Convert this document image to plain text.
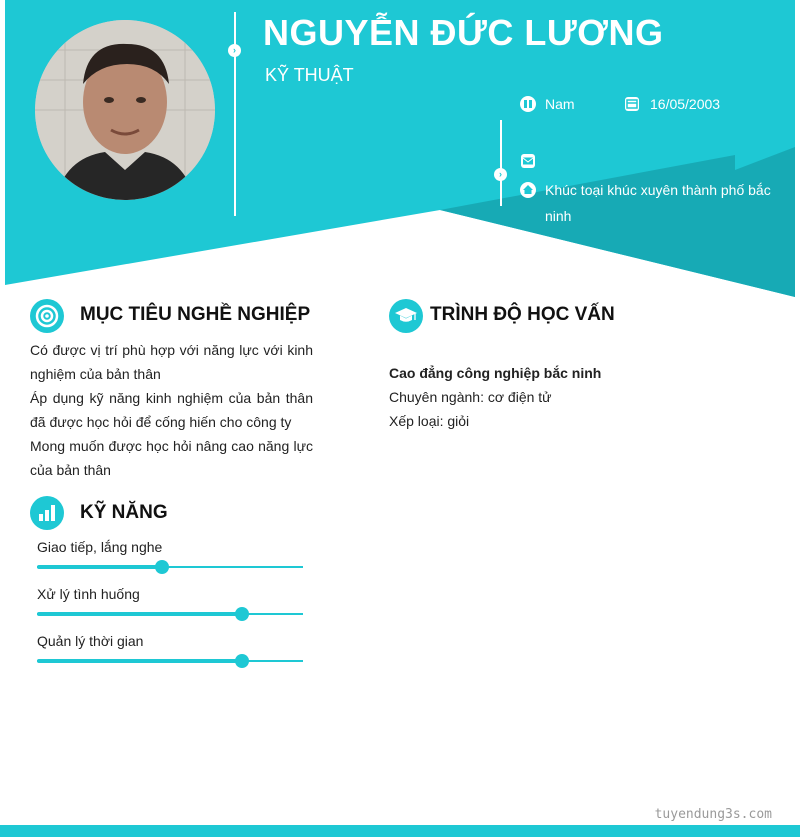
›
›
NGUYỄN ĐỨC LƯƠNG
KỸ THUẬT
Nam	16/05/2003
Khúc toại khúc xuyên thành phố bắc ninh
MỤC TIÊU NGHỀ NGHIỆP
Có được vị trí phù hợp với năng lực với kinh nghiệm của bản thân
Áp dụng kỹ năng kinh nghiệm của bản thân đã được học hỏi để cống hiến cho công ty
Mong muốn được học hỏi nâng cao năng lực của bản thân
KỸ NĂNG
Giao tiếp, lắng nghe
Xử lý tình huống
Quản lý thời gian
TRÌNH ĐỘ HỌC VẤN
Cao đẳng công nghiệp bắc ninh
Chuyên ngành: cơ điện tử
Xếp loại: giỏi
tuyendung3s.com
